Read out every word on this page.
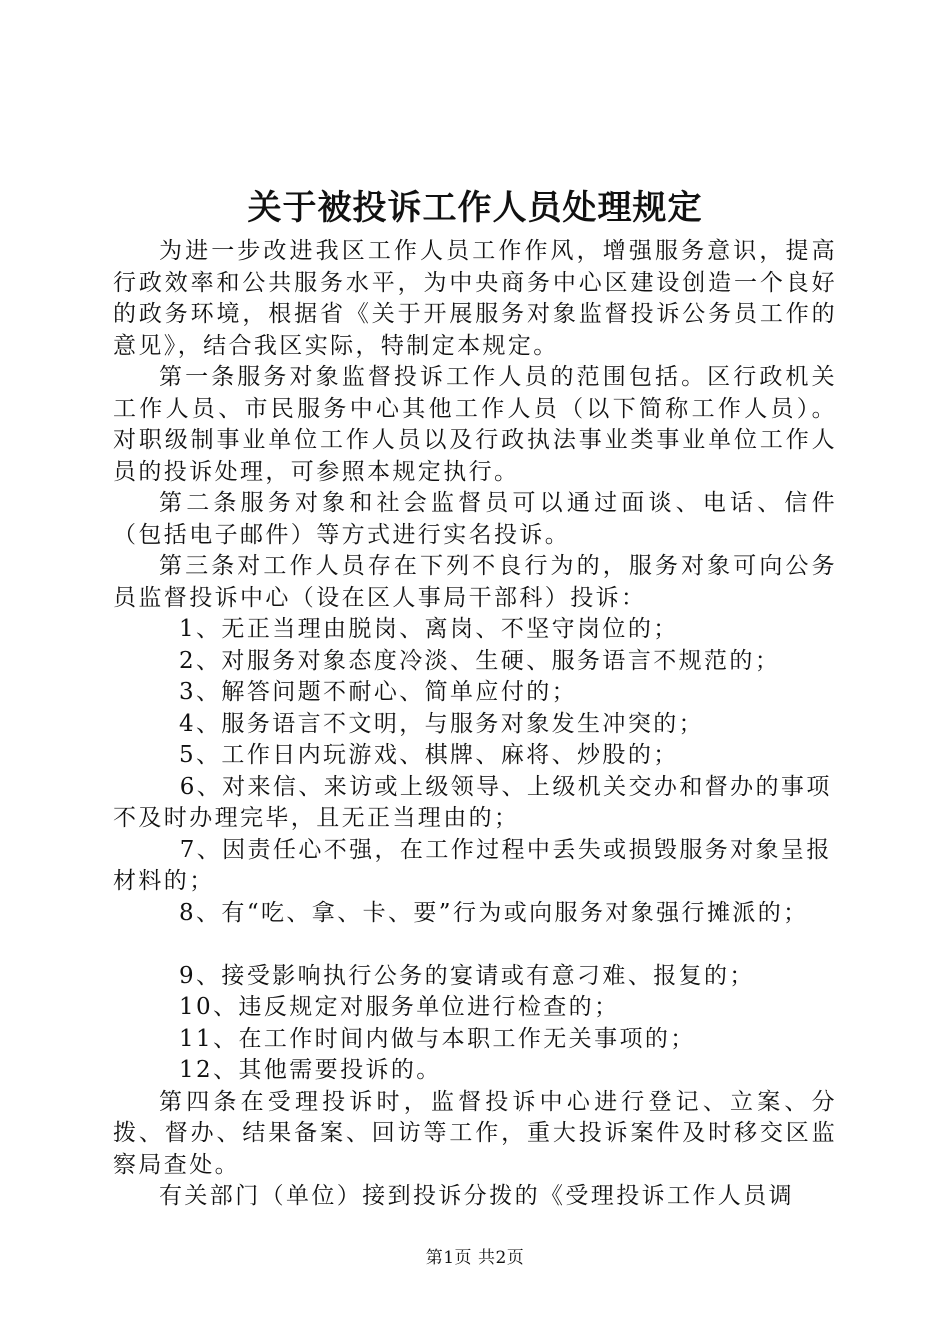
关于被投诉工作人员处理规定

为进一步改进我区工作人员工作作风，增强服务意识，提高行政效率和公共服务水平，为中央商务中心区建设创造一个良好的政务环境，根据省《关于开展服务对象监督投诉公务员工作的意见》，结合我区实际，特制定本规定。

第一条服务对象监督投诉工作人员的范围包括。区行政机关工作人员、市民服务中心其他工作人员（以下简称工作人员）。对职级制事业单位工作人员以及行政执法事业类事业单位工作人员的投诉处理，可参照本规定执行。

第二条服务对象和社会监督员可以通过面谈、电话、信件（包括电子邮件）等方式进行实名投诉。

第三条对工作人员存在下列不良行为的，服务对象可向公务员监督投诉中心（设在区人事局干部科）投诉：

1、无正当理由脱岗、离岗、不坚守岗位的；

2、对服务对象态度冷淡、生硬、服务语言不规范的；

3、解答问题不耐心、简单应付的；

4、服务语言不文明，与服务对象发生冲突的；

5、工作日内玩游戏、棋牌、麻将、炒股的；

6、对来信、来访或上级领导、上级机关交办和督办的事项不及时办理完毕，且无正当理由的；

7、因责任心不强，在工作过程中丢失或损毁服务对象呈报材料的；

8、有“吃、拿、卡、要”行为或向服务对象强行摊派的；

9、接受影响执行公务的宴请或有意刁难、报复的；

10、违反规定对服务单位进行检查的；

11、在工作时间内做与本职工作无关事项的；

12、其他需要投诉的。

第四条在受理投诉时，监督投诉中心进行登记、立案、分拨、督办、结果备案、回访等工作，重大投诉案件及时移交区监察局查处。

有关部门（单位）接到投诉分拨的《受理投诉工作人员调

第1页 共2页
